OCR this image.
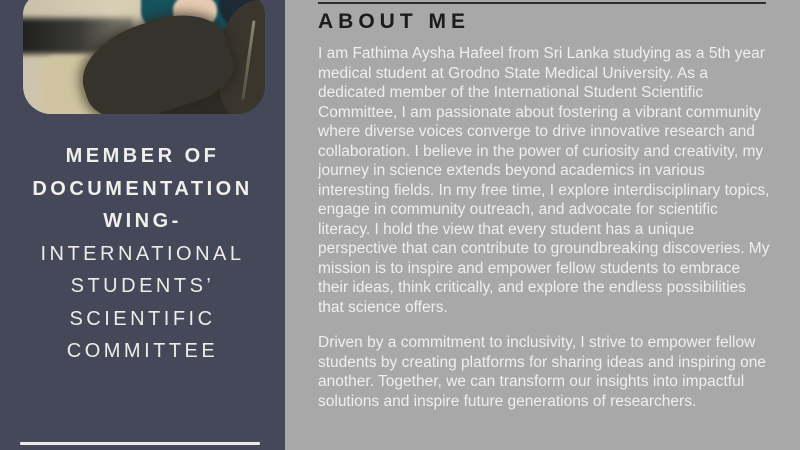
MEMBER OF
DOCUMENTATION
WING-
INTERNATIONAL
STUDENTS’
SCIENTIFIC
COMMITTEE
ABOUT ME

I am Fathima Aysha Hafeel from Sri Lanka studying as a 5th year medical student at Grodno State Medical University. As a dedicated member of the International Student Scientific Committee, I am passionate about fostering a vibrant community where diverse voices converge to drive innovative research and collaboration. I believe in the power of curiosity and creativity, my journey in science extends beyond academics in various interesting fields. In my free time, I explore interdisciplinary topics, engage in community outreach, and advocate for scientific literacy. I hold the view that every student has a unique perspective that can contribute to groundbreaking discoveries. My mission is to inspire and empower fellow students to embrace their ideas, think critically, and explore the endless possibilities that science offers.

Driven by a commitment to inclusivity, I strive to empower fellow students by creating platforms for sharing ideas and inspiring one another. Together, we can transform our insights into impactful solutions and inspire future generations of researchers.
